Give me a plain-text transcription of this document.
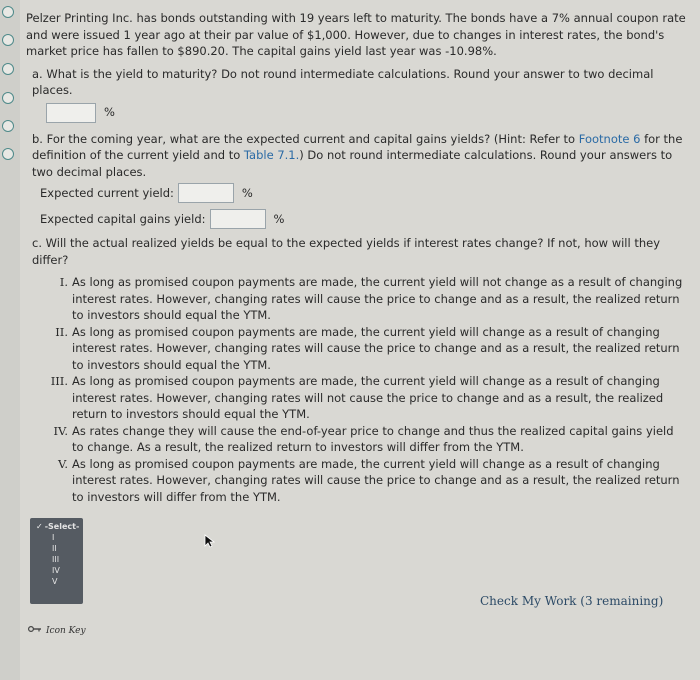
Pelzer Printing Inc. has bonds outstanding with 19 years left to maturity. The bonds have a 7% annual coupon rate and were issued 1 year ago at their par value of $1,000. However, due to changes in interest rates, the bond's market price has fallen to $890.20. The capital gains yield last year was -10.98%.

a. What is the yield to maturity? Do not round intermediate calculations. Round your answer to two decimal places.

%

b. For the coming year, what are the expected current and capital gains yields? (Hint: Refer to Footnote 6 for the definition of the current yield and to Table 7.1.) Do not round intermediate calculations. Round your answers to two decimal places.

Expected current yield:	%
Expected capital gains yield:	%

c. Will the actual realized yields be equal to the expected yields if interest rates change? If not, how will they differ?

I. As long as promised coupon payments are made, the current yield will not change as a result of changing interest rates. However, changing rates will cause the price to change and as a result, the realized return to investors should equal the YTM.
II. As long as promised coupon payments are made, the current yield will change as a result of changing interest rates. However, changing rates will cause the price to change and as a result, the realized return to investors should equal the YTM.
III. As long as promised coupon payments are made, the current yield will change as a result of changing interest rates. However, changing rates will not cause the price to change and as a result, the realized return to investors should equal the YTM.
IV. As rates change they will cause the end-of-year price to change and thus the realized capital gains yield to change. As a result, the realized return to investors will differ from the YTM.
V. As long as promised coupon payments are made, the current yield will change as a result of changing interest rates. However, changing rates will cause the price to change and as a result, the realized return to investors will differ from the YTM.
✓ -Select-
I
II
III
IV
V
Check My Work (3 remaining)
Icon Key
